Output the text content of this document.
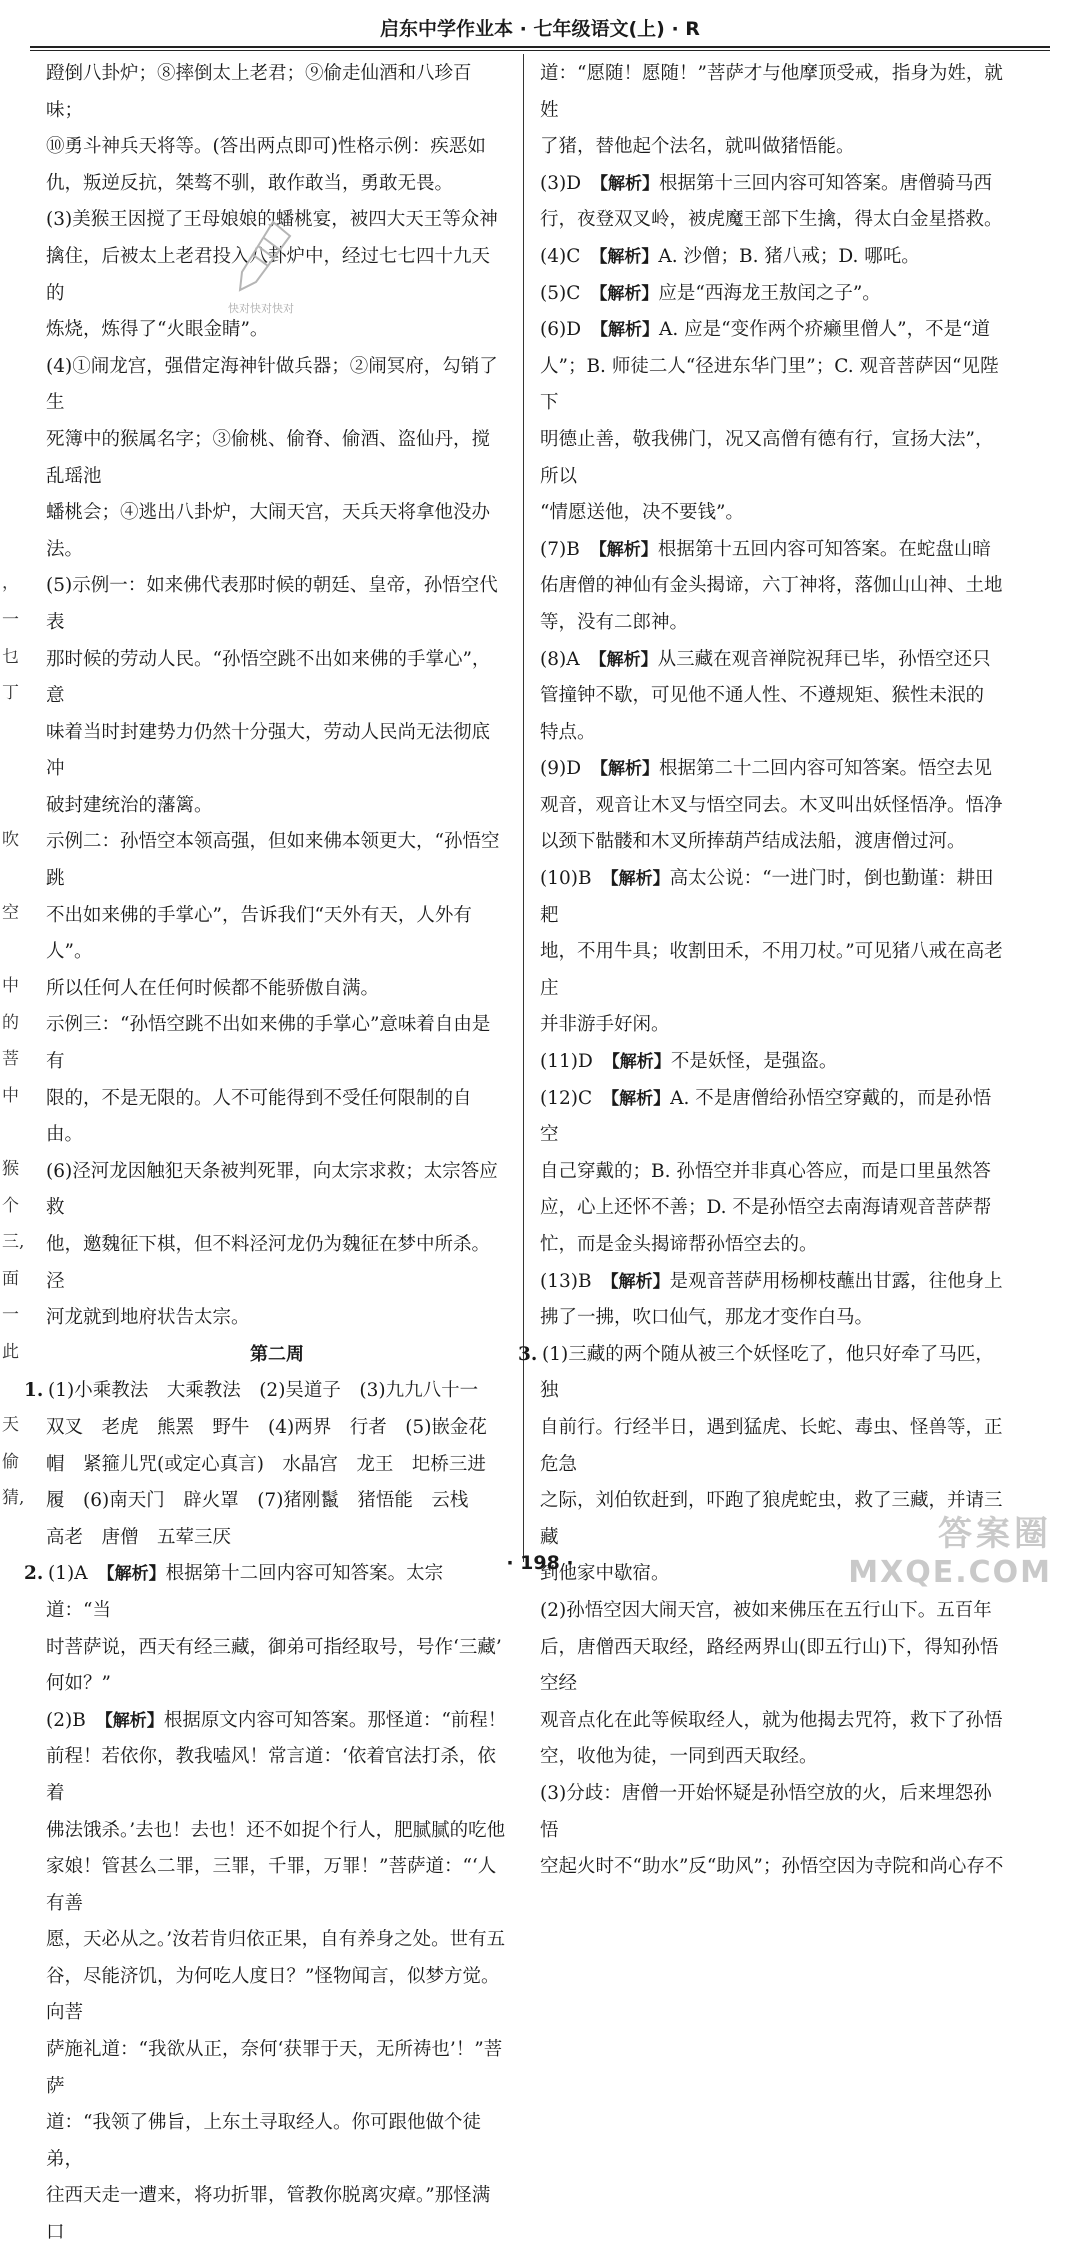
启东中学作业本 · 七年级语文(上) · R
，
一
乜
丁
吹
空
中
的
菩
中
猴
个
三,
面
一
此
天
偷
猜,
蹬倒八卦炉；⑧摔倒太上老君；⑨偷走仙酒和八珍百味；
⑩勇斗神兵天将等。(答出两点即可)性格示例：疾恶如
仇，叛逆反抗，桀骜不驯，敢作敢当，勇敢无畏。
(3)美猴王因搅了王母娘娘的蟠桃宴，被四大天王等众神
擒住，后被太上老君投入八卦炉中，经过七七四十九天的
炼烧，炼得了“火眼金睛”。
(4)①闹龙宫，强借定海神针做兵器；②闹冥府，勾销了生
死簿中的猴属名字；③偷桃、偷脊、偷酒、盗仙丹，搅乱瑶池
蟠桃会；④逃出八卦炉，大闹天宫，天兵天将拿他没办法。
(5)示例一：如来佛代表那时候的朝廷、皇帝，孙悟空代表
那时候的劳动人民。“孙悟空跳不出如来佛的手掌心”，意
味着当时封建势力仍然十分强大，劳动人民尚无法彻底冲
破封建统治的藩篱。
示例二：孙悟空本领高强，但如来佛本领更大，“孙悟空跳
不出如来佛的手掌心”，告诉我们“天外有天，人外有人”。
所以任何人在任何时候都不能骄傲自满。
示例三：“孙悟空跳不出如来佛的手掌心”意味着自由是有
限的，不是无限的。人不可能得到不受任何限制的自由。
(6)泾河龙因触犯天条被判死罪，向太宗求救；太宗答应救
他，邀魏征下棋，但不料泾河龙仍为魏征在梦中所杀。泾
河龙就到地府状告太宗。
第二周
1. (1)小乘教法　大乘教法　(2)吴道子　(3)九九八十一
双叉　老虎　熊罴　野牛　(4)两界　行者　(5)嵌金花
帽　紧箍儿咒(或定心真言)　水晶宫　龙王　圯桥三进
履　(6)南天门　辟火罩　(7)猪刚鬣　猪悟能　云栈
高老　唐僧　五荤三厌
2. (1)A　【解析】根据第十二回内容可知答案。太宗道：“当
时菩萨说，西天有经三藏，御弟可指经取号，号作‘三藏’
何如？”
(2)B　【解析】根据原文内容可知答案。那怪道：“前程！
前程！若依你，教我嗑风！常言道：‘依着官法打杀，依着
佛法饿杀。’去也！去也！还不如捉个行人，肥腻腻的吃他
家娘！管甚么二罪，三罪，千罪，万罪！”菩萨道：“‘人有善
愿，天必从之。’汝若肯归依正果，自有养身之处。世有五
谷，尽能济饥，为何吃人度日？”怪物闻言，似梦方觉。向菩
萨施礼道：“我欲从正，奈何‘获罪于天，无所祷也’！”菩萨
道：“我领了佛旨，上东土寻取经人。你可跟他做个徒弟，
往西天走一遭来，将功折罪，管教你脱离灾瘴。”那怪满口
道：“愿随！愿随！”菩萨才与他摩顶受戒，指身为姓，就姓
了猪，替他起个法名，就叫做猪悟能。
(3)D　【解析】根据第十三回内容可知答案。唐僧骑马西
行，夜登双叉岭，被虎魔王部下生擒，得太白金星搭救。
(4)C　【解析】A. 沙僧；B. 猪八戒；D. 哪吒。
(5)C　【解析】应是“西海龙王敖闰之子”。
(6)D　【解析】A. 应是“变作两个疥癞里僧人”，不是“道
人”；B. 师徒二人“径进东华门里”；C. 观音菩萨因“见陛下
明德止善，敬我佛门，况又高僧有德有行，宣扬大法”，所以
“情愿送他，决不要钱”。
(7)B　【解析】根据第十五回内容可知答案。在蛇盘山暗
佑唐僧的神仙有金头揭谛，六丁神将，落伽山山神、土地
等，没有二郎神。
(8)A　【解析】从三藏在观音禅院祝拜已毕，孙悟空还只
管撞钟不歇，可见他不通人性、不遵规矩、猴性未泯的
特点。
(9)D　【解析】根据第二十二回内容可知答案。悟空去见
观音，观音让木叉与悟空同去。木叉叫出妖怪悟净。悟净
以颈下骷髅和木叉所捧葫芦结成法船，渡唐僧过河。
(10)B　【解析】高太公说：“一进门时，倒也勤谨：耕田耙
地，不用牛具；收割田禾，不用刀杖。”可见猪八戒在高老庄
并非游手好闲。
(11)D　【解析】不是妖怪，是强盗。
(12)C　【解析】A. 不是唐僧给孙悟空穿戴的，而是孙悟空
自己穿戴的；B. 孙悟空并非真心答应，而是口里虽然答
应，心上还怀不善；D. 不是孙悟空去南海请观音菩萨帮
忙，而是金头揭谛帮孙悟空去的。
(13)B　【解析】是观音菩萨用杨柳枝蘸出甘露，往他身上
拂了一拂，吹口仙气，那龙才变作白马。
3. (1)三藏的两个随从被三个妖怪吃了，他只好牵了马匹，独
自前行。行经半日，遇到猛虎、长蛇、毒虫、怪兽等，正危急
之际，刘伯钦赶到，吓跑了狼虎蛇虫，救了三藏，并请三藏
到他家中歇宿。
(2)孙悟空因大闹天宫，被如来佛压在五行山下。五百年
后，唐僧西天取经，路经两界山(即五行山)下，得知孙悟空经
观音点化在此等候取经人，就为他揭去咒符，救下了孙悟
空，收他为徒，一同到西天取经。
(3)分歧：唐僧一开始怀疑是孙悟空放的火，后来埋怨孙悟
空起火时不“助水”反“助风”；孙悟空因为寺院和尚心存不
快对快对快对
· 198 ·
答案圈
MXQE.COM
